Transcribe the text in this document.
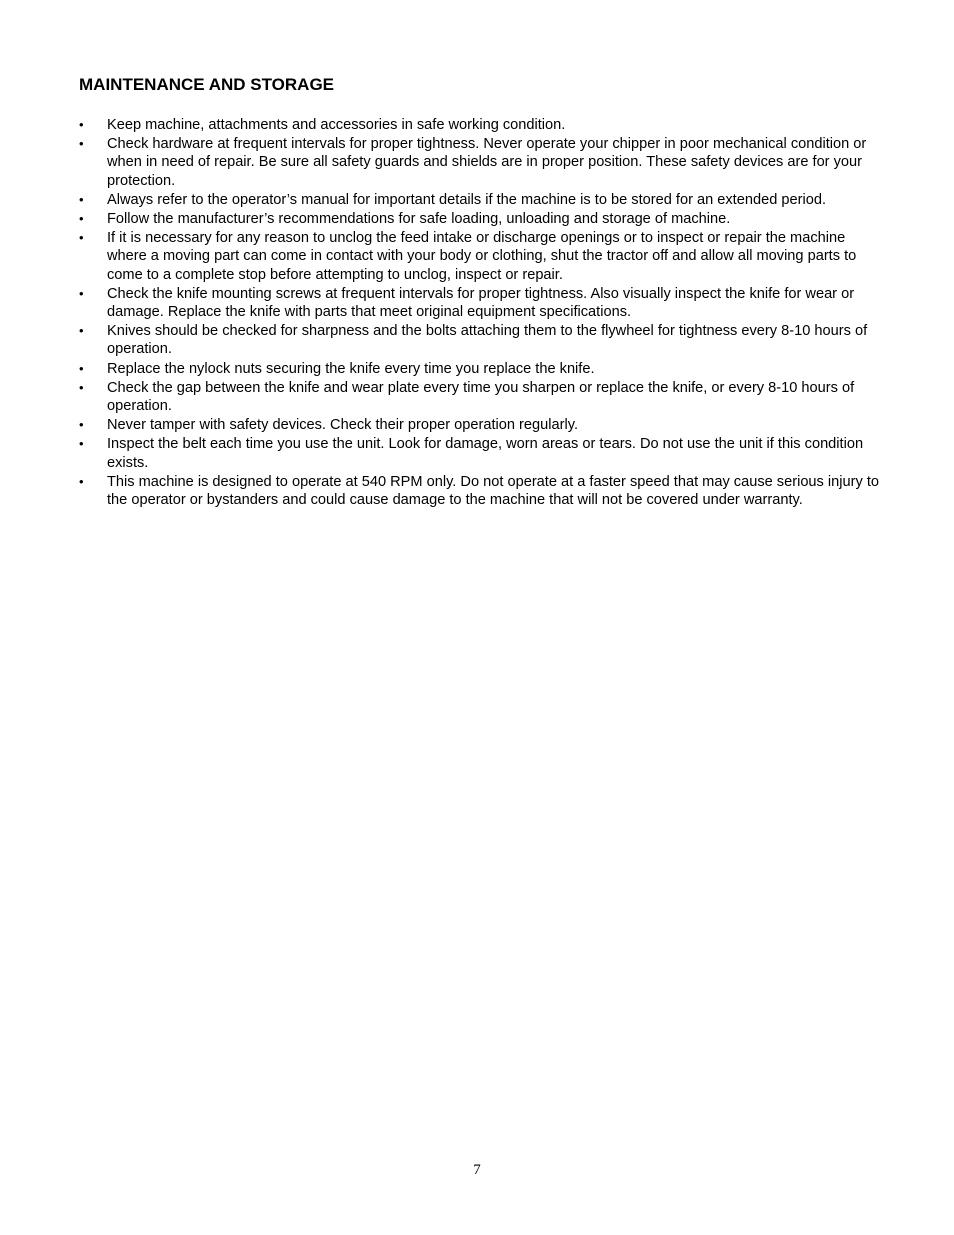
MAINTENANCE AND STORAGE
•	Keep machine, attachments and accessories in safe working condition.
•	Check hardware at frequent intervals for proper tightness. Never operate your chipper in poor mechanical condition or when in need of repair. Be sure all safety guards and shields are in proper position. These safety devices are for your protection.
•	Always refer to the operator’s manual for important details if the machine is to be stored for an extended period.
•	Follow the manufacturer’s recommendations for safe loading, unloading and storage of machine.
•	If it is necessary for any reason to unclog the feed intake or discharge openings or to inspect or repair the machine where a moving part can come in contact with your body or clothing, shut the tractor off and allow all moving parts to come to a complete stop before attempting to unclog, inspect or repair.
•	Check the knife mounting screws at frequent intervals for proper tightness. Also visually inspect the knife for wear or damage. Replace the knife with parts that meet original equipment specifications.
•	Knives should be checked for sharpness and the bolts attaching them to the flywheel for tightness every 8-10 hours of operation.
•	Replace the nylock nuts securing the knife every time you replace the knife.
•	Check the gap between the knife and wear plate every time you sharpen or replace the knife, or every 8-10 hours of operation.
•	Never tamper with safety devices. Check their proper operation regularly.
•	Inspect the belt each time you use the unit. Look for damage, worn areas or tears. Do not use the unit if this condition exists.
•	This machine is designed to operate at 540 RPM only. Do not operate at a faster speed that may cause serious injury to the operator or bystanders and could cause damage to the machine that will not be covered under warranty.
7
